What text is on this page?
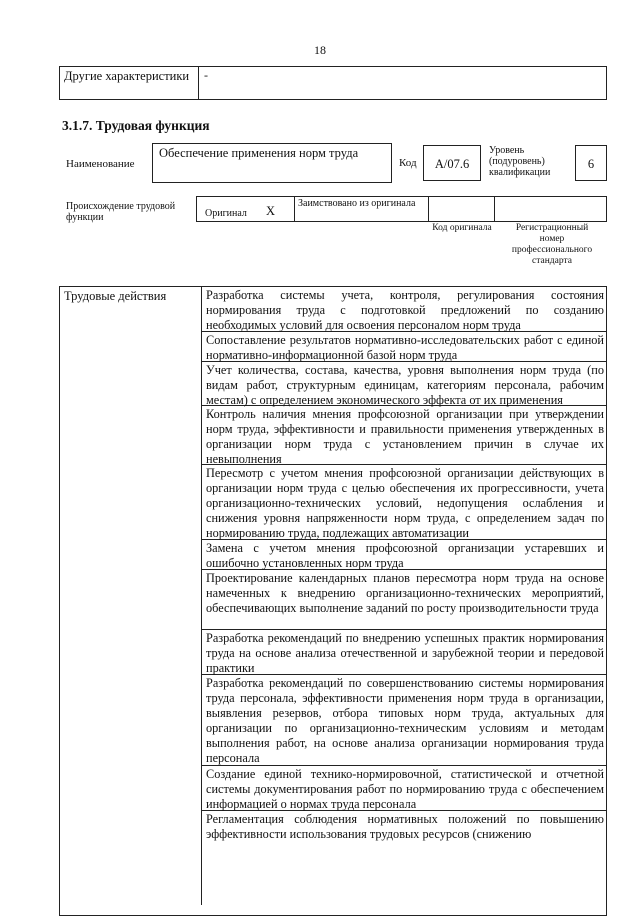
18
Другие характеристики	-
3.1.7. Трудовая функция
Наименование
Обеспечение применения норм труда
Код	A/07.6
Уровень (подуровень) квалификации
6
Происхождение трудовой функции	Оригинал X
Заимствовано из оригинала
Код оригинала	Регистрационный номер профессионального стандарта
Трудовые действия	Разработка системы учета, контроля, регулирования состояния нормирования труда с подготовкой предложений по созданию необходимых условий для освоения персоналом норм труда
Сопоставление результатов нормативно-исследовательских работ с единой нормативно-информационной базой норм труда
Учет количества, состава, качества, уровня выполнения норм труда (по видам работ, структурным единицам, категориям персонала, рабочим местам) с определением экономического эффекта от их применения
Контроль наличия мнения профсоюзной организации при утверждении норм труда, эффективности и правильности применения утвержденных в организации норм труда с установлением причин в случае их невыполнения
Пересмотр с учетом мнения профсоюзной организации действующих в организации норм труда с целью обеспечения их прогрессивности, учета организационно-технических условий, недопущения ослабления и снижения уровня напряженности норм труда, с определением задач по нормированию труда, подлежащих автоматизации
Замена с учетом мнения профсоюзной организации устаревших и ошибочно установленных норм труда
Проектирование календарных планов пересмотра норм труда на основе намеченных к внедрению организационно-технических мероприятий, обеспечивающих выполнение заданий по росту производительности труда
Разработка рекомендаций по внедрению успешных практик нормирования труда на основе анализа отечественной и зарубежной теории и передовой практики
Разработка рекомендаций по совершенствованию системы нормирования труда персонала, эффективности применения норм труда в организации, выявления резервов, отбора типовых норм труда, актуальных для организации по организационно-техническим условиям и методам выполнения работ, на основе анализа организации нормирования труда персонала
Создание единой технико-нормировочной, статистической и отчетной системы документирования работ по нормированию труда с обеспечением информацией о нормах труда персонала
Регламентация соблюдения нормативных положений по повышению эффективности использования трудовых ресурсов (снижению
